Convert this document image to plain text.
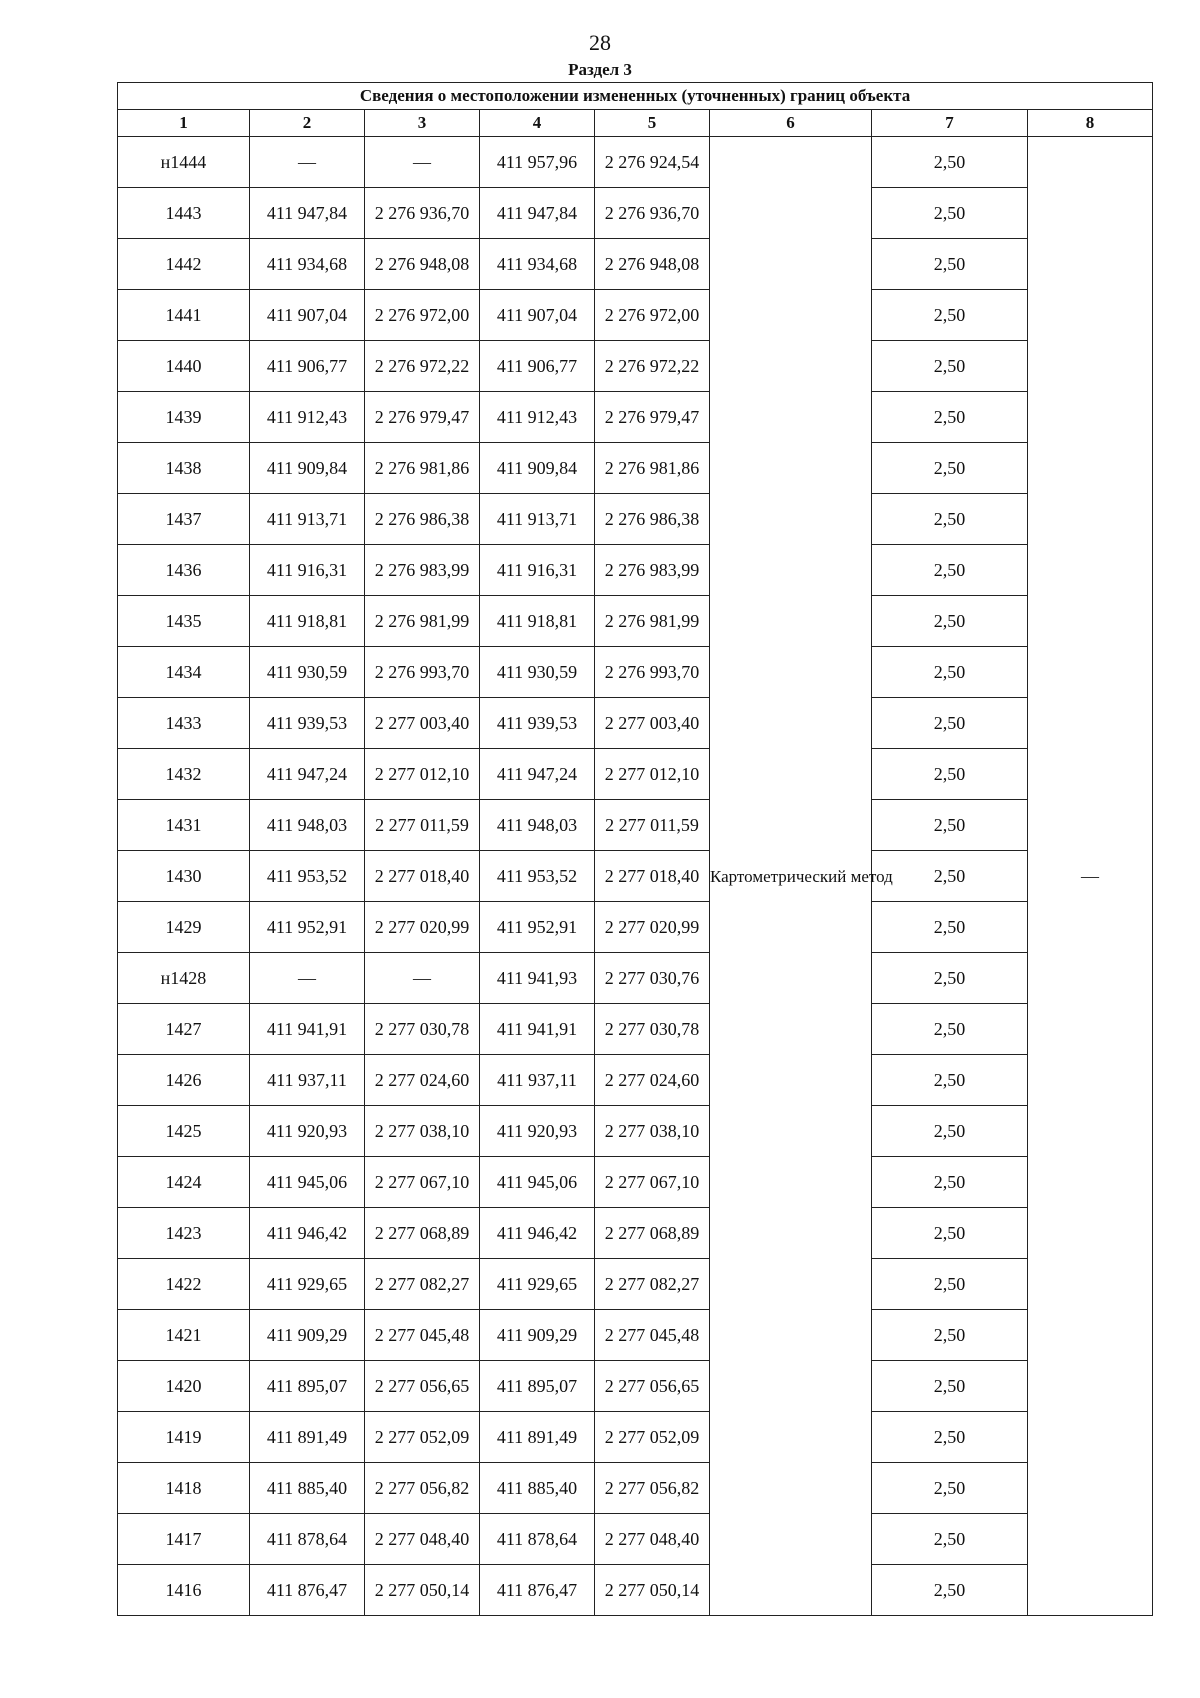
28
Раздел 3
Сведения о местоположении измененных (уточненных) границ объекта							
1	2	3	4	5	6	7	8
н1444	—	—	411 957,96	2 276 924,54	Картометрический метод	2,50	—
1443	411 947,84	2 276 936,70	411 947,84	2 276 936,70		2,50	
1442	411 934,68	2 276 948,08	411 934,68	2 276 948,08		2,50	
1441	411 907,04	2 276 972,00	411 907,04	2 276 972,00		2,50	
1440	411 906,77	2 276 972,22	411 906,77	2 276 972,22		2,50	
1439	411 912,43	2 276 979,47	411 912,43	2 276 979,47		2,50	
1438	411 909,84	2 276 981,86	411 909,84	2 276 981,86		2,50	
1437	411 913,71	2 276 986,38	411 913,71	2 276 986,38		2,50	
1436	411 916,31	2 276 983,99	411 916,31	2 276 983,99		2,50	
1435	411 918,81	2 276 981,99	411 918,81	2 276 981,99		2,50	
1434	411 930,59	2 276 993,70	411 930,59	2 276 993,70		2,50	
1433	411 939,53	2 277 003,40	411 939,53	2 277 003,40		2,50	
1432	411 947,24	2 277 012,10	411 947,24	2 277 012,10		2,50	
1431	411 948,03	2 277 011,59	411 948,03	2 277 011,59		2,50	
1430	411 953,52	2 277 018,40	411 953,52	2 277 018,40		2,50	
1429	411 952,91	2 277 020,99	411 952,91	2 277 020,99		2,50	
н1428	—	—	411 941,93	2 277 030,76		2,50	
1427	411 941,91	2 277 030,78	411 941,91	2 277 030,78		2,50	
1426	411 937,11	2 277 024,60	411 937,11	2 277 024,60		2,50	
1425	411 920,93	2 277 038,10	411 920,93	2 277 038,10		2,50	
1424	411 945,06	2 277 067,10	411 945,06	2 277 067,10		2,50	
1423	411 946,42	2 277 068,89	411 946,42	2 277 068,89		2,50	
1422	411 929,65	2 277 082,27	411 929,65	2 277 082,27		2,50	
1421	411 909,29	2 277 045,48	411 909,29	2 277 045,48		2,50	
1420	411 895,07	2 277 056,65	411 895,07	2 277 056,65		2,50	
1419	411 891,49	2 277 052,09	411 891,49	2 277 052,09		2,50	
1418	411 885,40	2 277 056,82	411 885,40	2 277 056,82		2,50	
1417	411 878,64	2 277 048,40	411 878,64	2 277 048,40		2,50	
1416	411 876,47	2 277 050,14	411 876,47	2 277 050,14		2,50	
